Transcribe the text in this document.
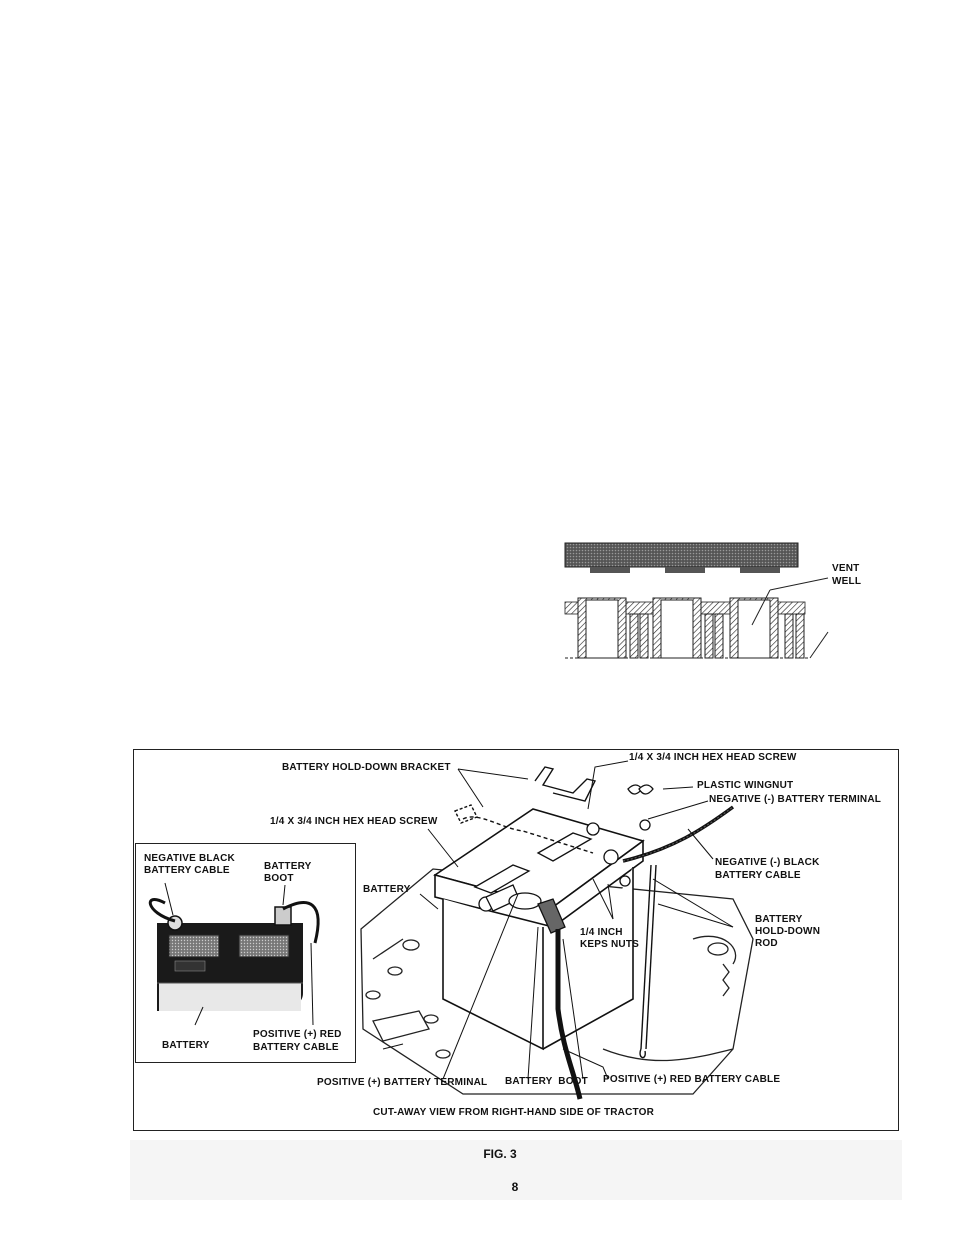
VENT
WELL
NEGATIVE BLACK
BATTERY CABLE	BATTERY
BOOT
BATTERY
POSITIVE (+) RED
BATTERY CABLE
BATTERY HOLD-DOWN BRACKET
1/4 X 3/4 INCH HEX HEAD SCREW
PLASTIC WINGNUT
NEGATIVE (-) BATTERY TERMINAL
1/4 X 3/4 INCH HEX HEAD SCREW
BATTERY
1/4 INCH
KEPS NUTS
NEGATIVE (-) BLACK
BATTERY CABLE
BATTERY
HOLD-DOWN
ROD
POSITIVE (+) BATTERY TERMINAL BATTERY  BOOT POSITIVE (+) RED BATTERY CABLE
CUT-AWAY VIEW FROM RIGHT-HAND SIDE OF TRACTOR
FIG. 3
8
